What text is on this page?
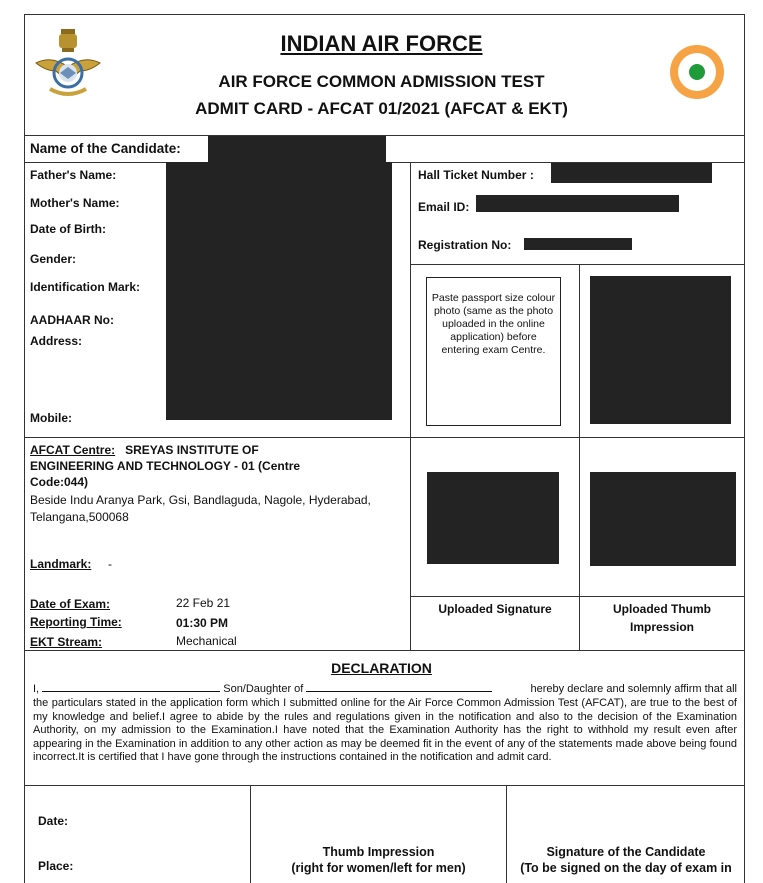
INDIAN AIR FORCE
AIR FORCE COMMON ADMISSION TEST
ADMIT CARD - AFCAT 01/2021 (AFCAT & EKT)
Name of the Candidate:
Father's Name:
Mother's Name:
Date of Birth:
Gender:
Identification Mark:
AADHAAR No:
Address:
Mobile:
Hall Ticket Number :
Email ID:
Registration No:
Paste passport size colour photo (same as the photo uploaded in the online application) before entering exam Centre.
AFCAT Centre: SREYAS INSTITUTE OF
ENGINEERING AND TECHNOLOGY - 01 (Centre
Code:044)
Beside Indu Aranya Park, Gsi, Bandlaguda, Nagole, Hyderabad,
Telangana,500068
Landmark: -
Date of Exam:	22 Feb 21
Reporting Time:	01:30 PM
EKT Stream:	Mechanical
Uploaded Signature	Uploaded Thumb
Impression
DECLARATION
I,	Son/Daughter of	hereby declare and solemnly affirm that all
the particulars stated in the application form which I submitted online for the Air Force Common Admission Test (AFCAT), are true to the best of my knowledge and belief.I agree to abide by the rules and regulations given in the notification and also to the decision of the Examination Authority, on my admission to the Examination.I have noted that the Examination Authority has the right to withhold my result even after appearing in the Examination in addition to any other action as may be deemed fit in the event of any of the statements made above being found incorrect.It is certified that I have gone through the instructions contained in the notification and admit card.
Date:
Place:
Thumb Impression
(right for women/left for men)
Signature of the Candidate
(To be signed on the day of exam in
